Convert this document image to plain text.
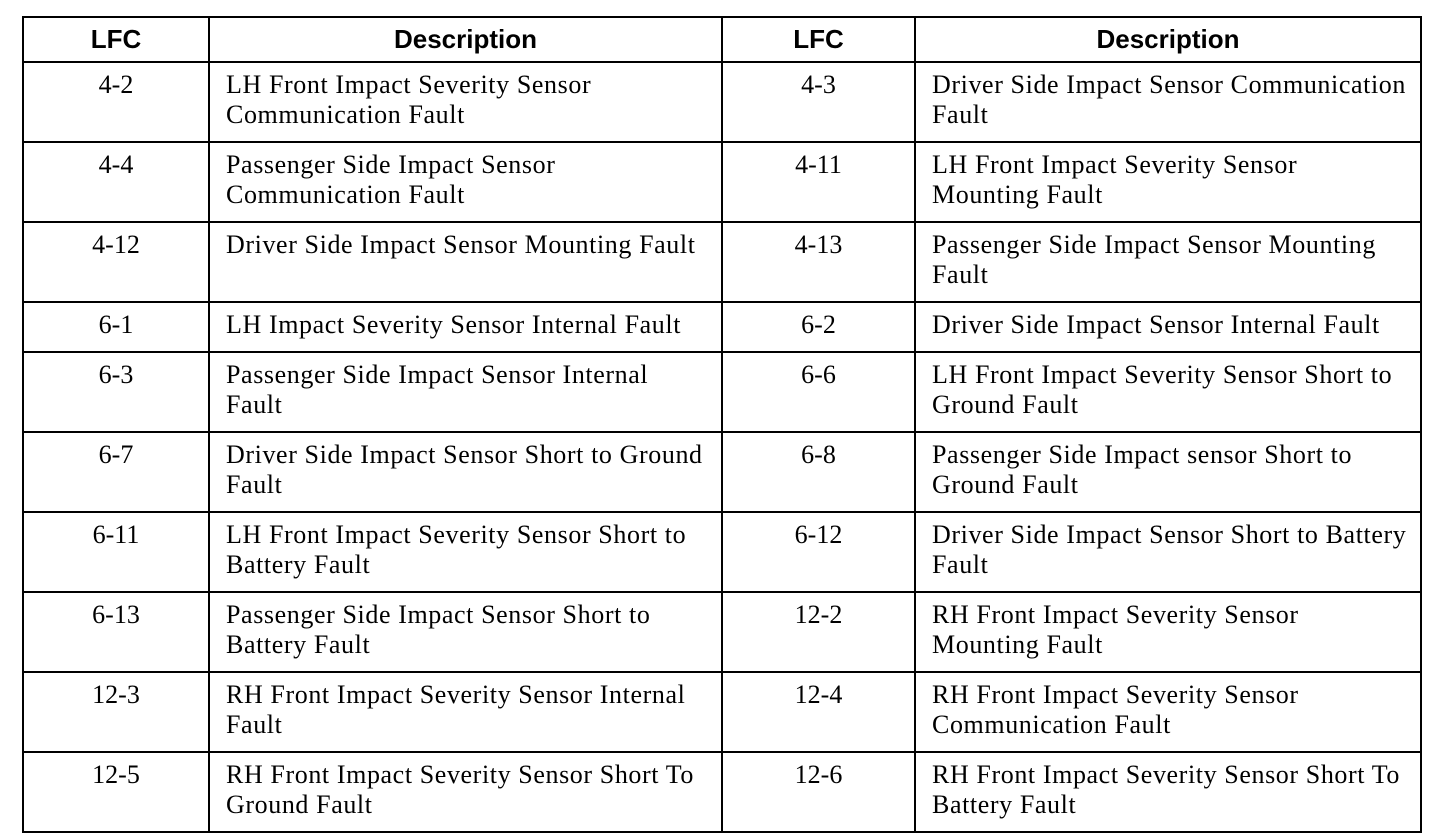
LFC	Description	LFC	Description
4-2	LH Front Impact Severity Sensor Communication Fault	4-3	Driver Side Impact Sensor Communication Fault
4-4	Passenger Side Impact Sensor Communication Fault	4-11	LH Front Impact Severity Sensor Mounting Fault
4-12	Driver Side Impact Sensor Mounting Fault	4-13	Passenger Side Impact Sensor Mounting Fault
6-1	LH Impact Severity Sensor Internal Fault	6-2	Driver Side Impact Sensor Internal Fault
6-3	Passenger Side Impact Sensor Internal Fault	6-6	LH Front Impact Severity Sensor Short to Ground Fault
6-7	Driver Side Impact Sensor Short to Ground Fault	6-8	Passenger Side Impact sensor Short to Ground Fault
6-11	LH Front Impact Severity Sensor Short to Battery Fault	6-12	Driver Side Impact Sensor Short to Battery Fault
6-13	Passenger Side Impact Sensor Short to Battery Fault	12-2	RH Front Impact Severity Sensor Mounting Fault
12-3	RH Front Impact Severity Sensor Internal Fault	12-4	RH Front Impact Severity Sensor Communication Fault
12-5	RH Front Impact Severity Sensor Short To Ground Fault	12-6	RH Front Impact Severity Sensor Short To Battery Fault
